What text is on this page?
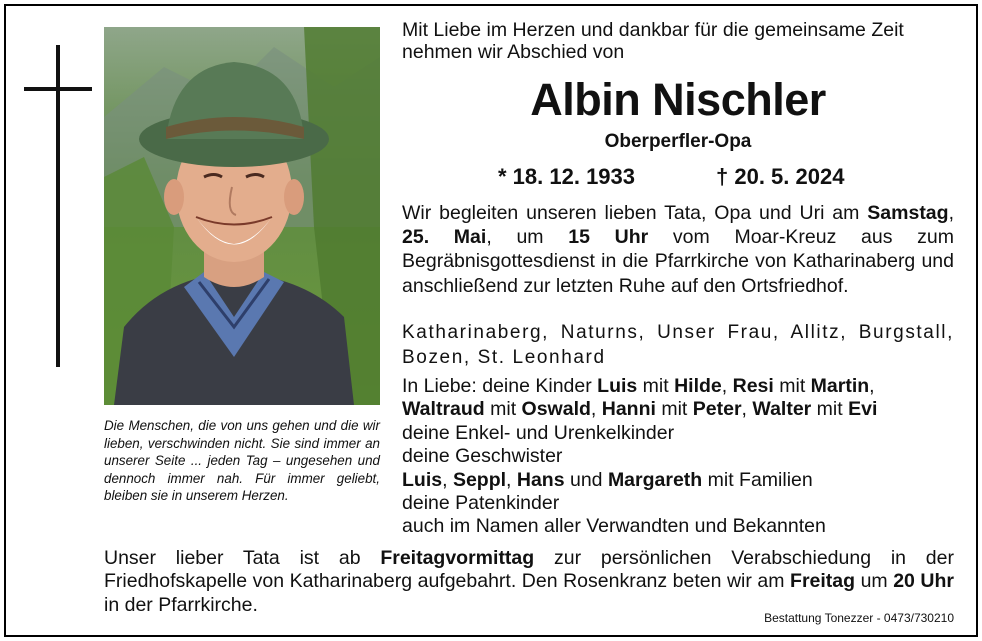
Die Menschen, die von uns gehen und die wir lieben, verschwinden nicht. Sie sind immer an unserer Seite ... jeden Tag – ungesehen und dennoch immer nah. Für immer geliebt, bleiben sie in unserem Herzen.
Mit Liebe im Herzen und dankbar für die gemeinsame Zeit nehmen wir Abschied von
Albin Nischler
Oberperfler-Opa
* 18. 12. 1933	† 20. 5. 2024
Wir begleiten unseren lieben Tata, Opa und Uri am Samstag, 25. Mai, um 15 Uhr vom Moar-Kreuz aus zum Begräbnisgottesdienst in die Pfarrkirche von Katharinaberg und anschließend zur letzten Ruhe auf den Ortsfriedhof.
Katharinaberg, Naturns, Unser Frau, Allitz, Burgstall, Bozen, St. Leonhard
In Liebe: deine Kinder Luis mit Hilde, Resi mit Martin,
Waltraud mit Oswald, Hanni mit Peter, Walter mit Evi
deine Enkel- und Urenkelkinder
deine Geschwister
Luis, Seppl, Hans und Margareth mit Familien
deine Patenkinder
auch im Namen aller Verwandten und Bekannten
Unser lieber Tata ist ab Freitagvormittag zur persönlichen Verabschiedung in der Friedhofskapelle von Katharinaberg aufgebahrt. Den Rosenkranz beten wir am Freitag um 20 Uhr in der Pfarrkirche.
Bestattung Tonezzer - 0473/730210
